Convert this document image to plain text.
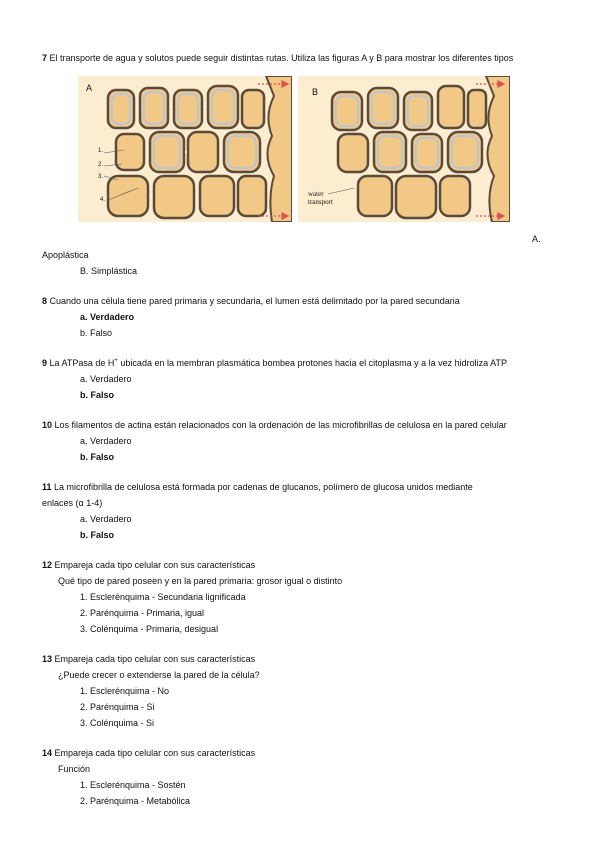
7 El transporte de agua y solutos puede seguir distintas rutas. Utiliza las figuras A y B para mostrar los diferentes tipos
A
1.
2.
3.
4.
B
water
transport
A.
Apoplástica
B. Simplástica
8 Cuando una célula tiene pared primaria y secundaria, el lumen está delimitado por la pared secundaria
a. Verdadero
b. Falso
9 La ATPasa de H+ ubicada en la membran plasmática bombea protones hacia el citoplasma y a la vez hidroliza ATP
a. Verdadero
b. Falso
10 Los filamentos de actina están relacionados con la ordenación de las microfibrillas de celulosa en la pared celular
a. Verdadero
b. Falso
11 La microfibrilla de celulosa está formada por cadenas de glucanos, polímero de glucosa unidos mediante
enlaces (α 1-4)
a. Verdadero
b. Falso
12 Empareja cada tipo celular con sus características
Qué tipo de pared poseen y en la pared primaria: grosor igual o distinto
1. Esclerénquima - Secundaria lignificada
2. Parénquima - Primaria, igual
3. Colénquima - Primaria, desigual
13 Empareja cada tipo celular con sus características
¿Puede crecer o extenderse la pared de la célula?
1. Esclerénquima - No
2. Parénquima - Si
3. Colénquima - Si
14 Empareja cada tipo celular con sus características
Función
1. Esclerénquima - Sostén
2. Parénquima - Metabólica
